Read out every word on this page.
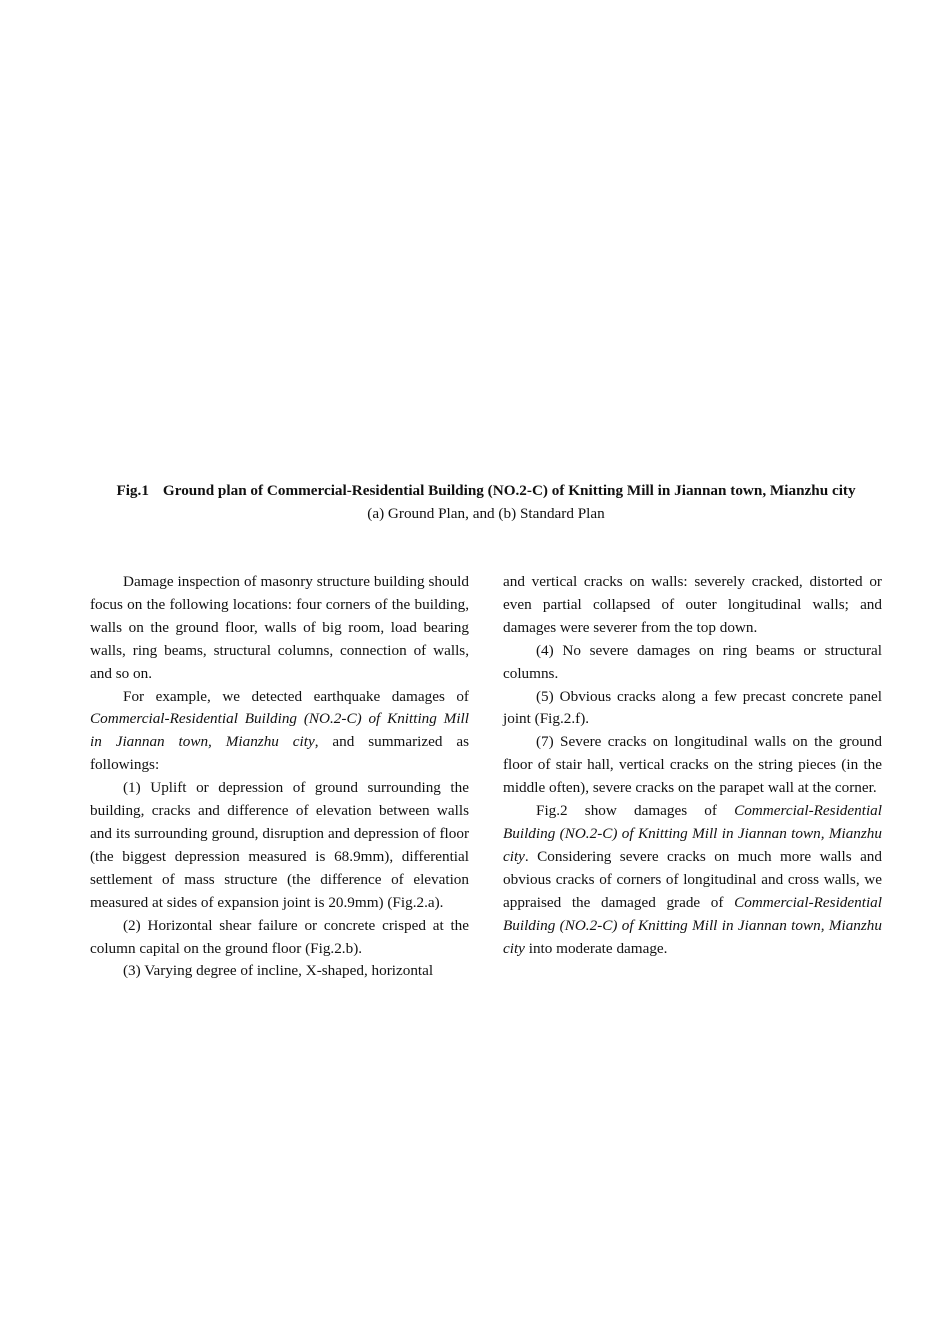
Fig.1 Ground plan of Commercial-Residential Building (NO.2-C) of Knitting Mill in Jiannan town, Mianzhu city
(a) Ground Plan, and (b) Standard Plan

Damage inspection of masonry structure building should focus on the following locations: four corners of the building, walls on the ground floor, walls of big room, load bearing walls, ring beams, structural columns, connection of walls, and so on.

For example, we detected earthquake damages of Commercial-Residential Building (NO.2-C) of Knitting Mill in Jiannan town, Mianzhu city, and summarized as followings:

(1) Uplift or depression of ground surrounding the building, cracks and difference of elevation between walls and its surrounding ground, disruption and depression of floor (the biggest depression measured is 68.9mm), differential settlement of mass structure (the difference of elevation measured at sides of expansion joint is 20.9mm) (Fig.2.a).

(2) Horizontal shear failure or concrete crisped at the column capital on the ground floor (Fig.2.b).

(3) Varying degree of incline, X-shaped, horizontal

and vertical cracks on walls: severely cracked, distorted or even partial collapsed of outer longitudinal walls; and damages were severer from the top down.

(4) No severe damages on ring beams or structural columns.

(5) Obvious cracks along a few precast concrete panel joint (Fig.2.f).

(7) Severe cracks on longitudinal walls on the ground floor of stair hall, vertical cracks on the string pieces (in the middle often), severe cracks on the parapet wall at the corner.

Fig.2 show damages of Commercial-Residential Building (NO.2-C) of Knitting Mill in Jiannan town, Mianzhu city. Considering severe cracks on much more walls and obvious cracks of corners of longitudinal and cross walls, we appraised the damaged grade of Commercial-Residential Building (NO.2-C) of Knitting Mill in Jiannan town, Mianzhu city into moderate damage.
